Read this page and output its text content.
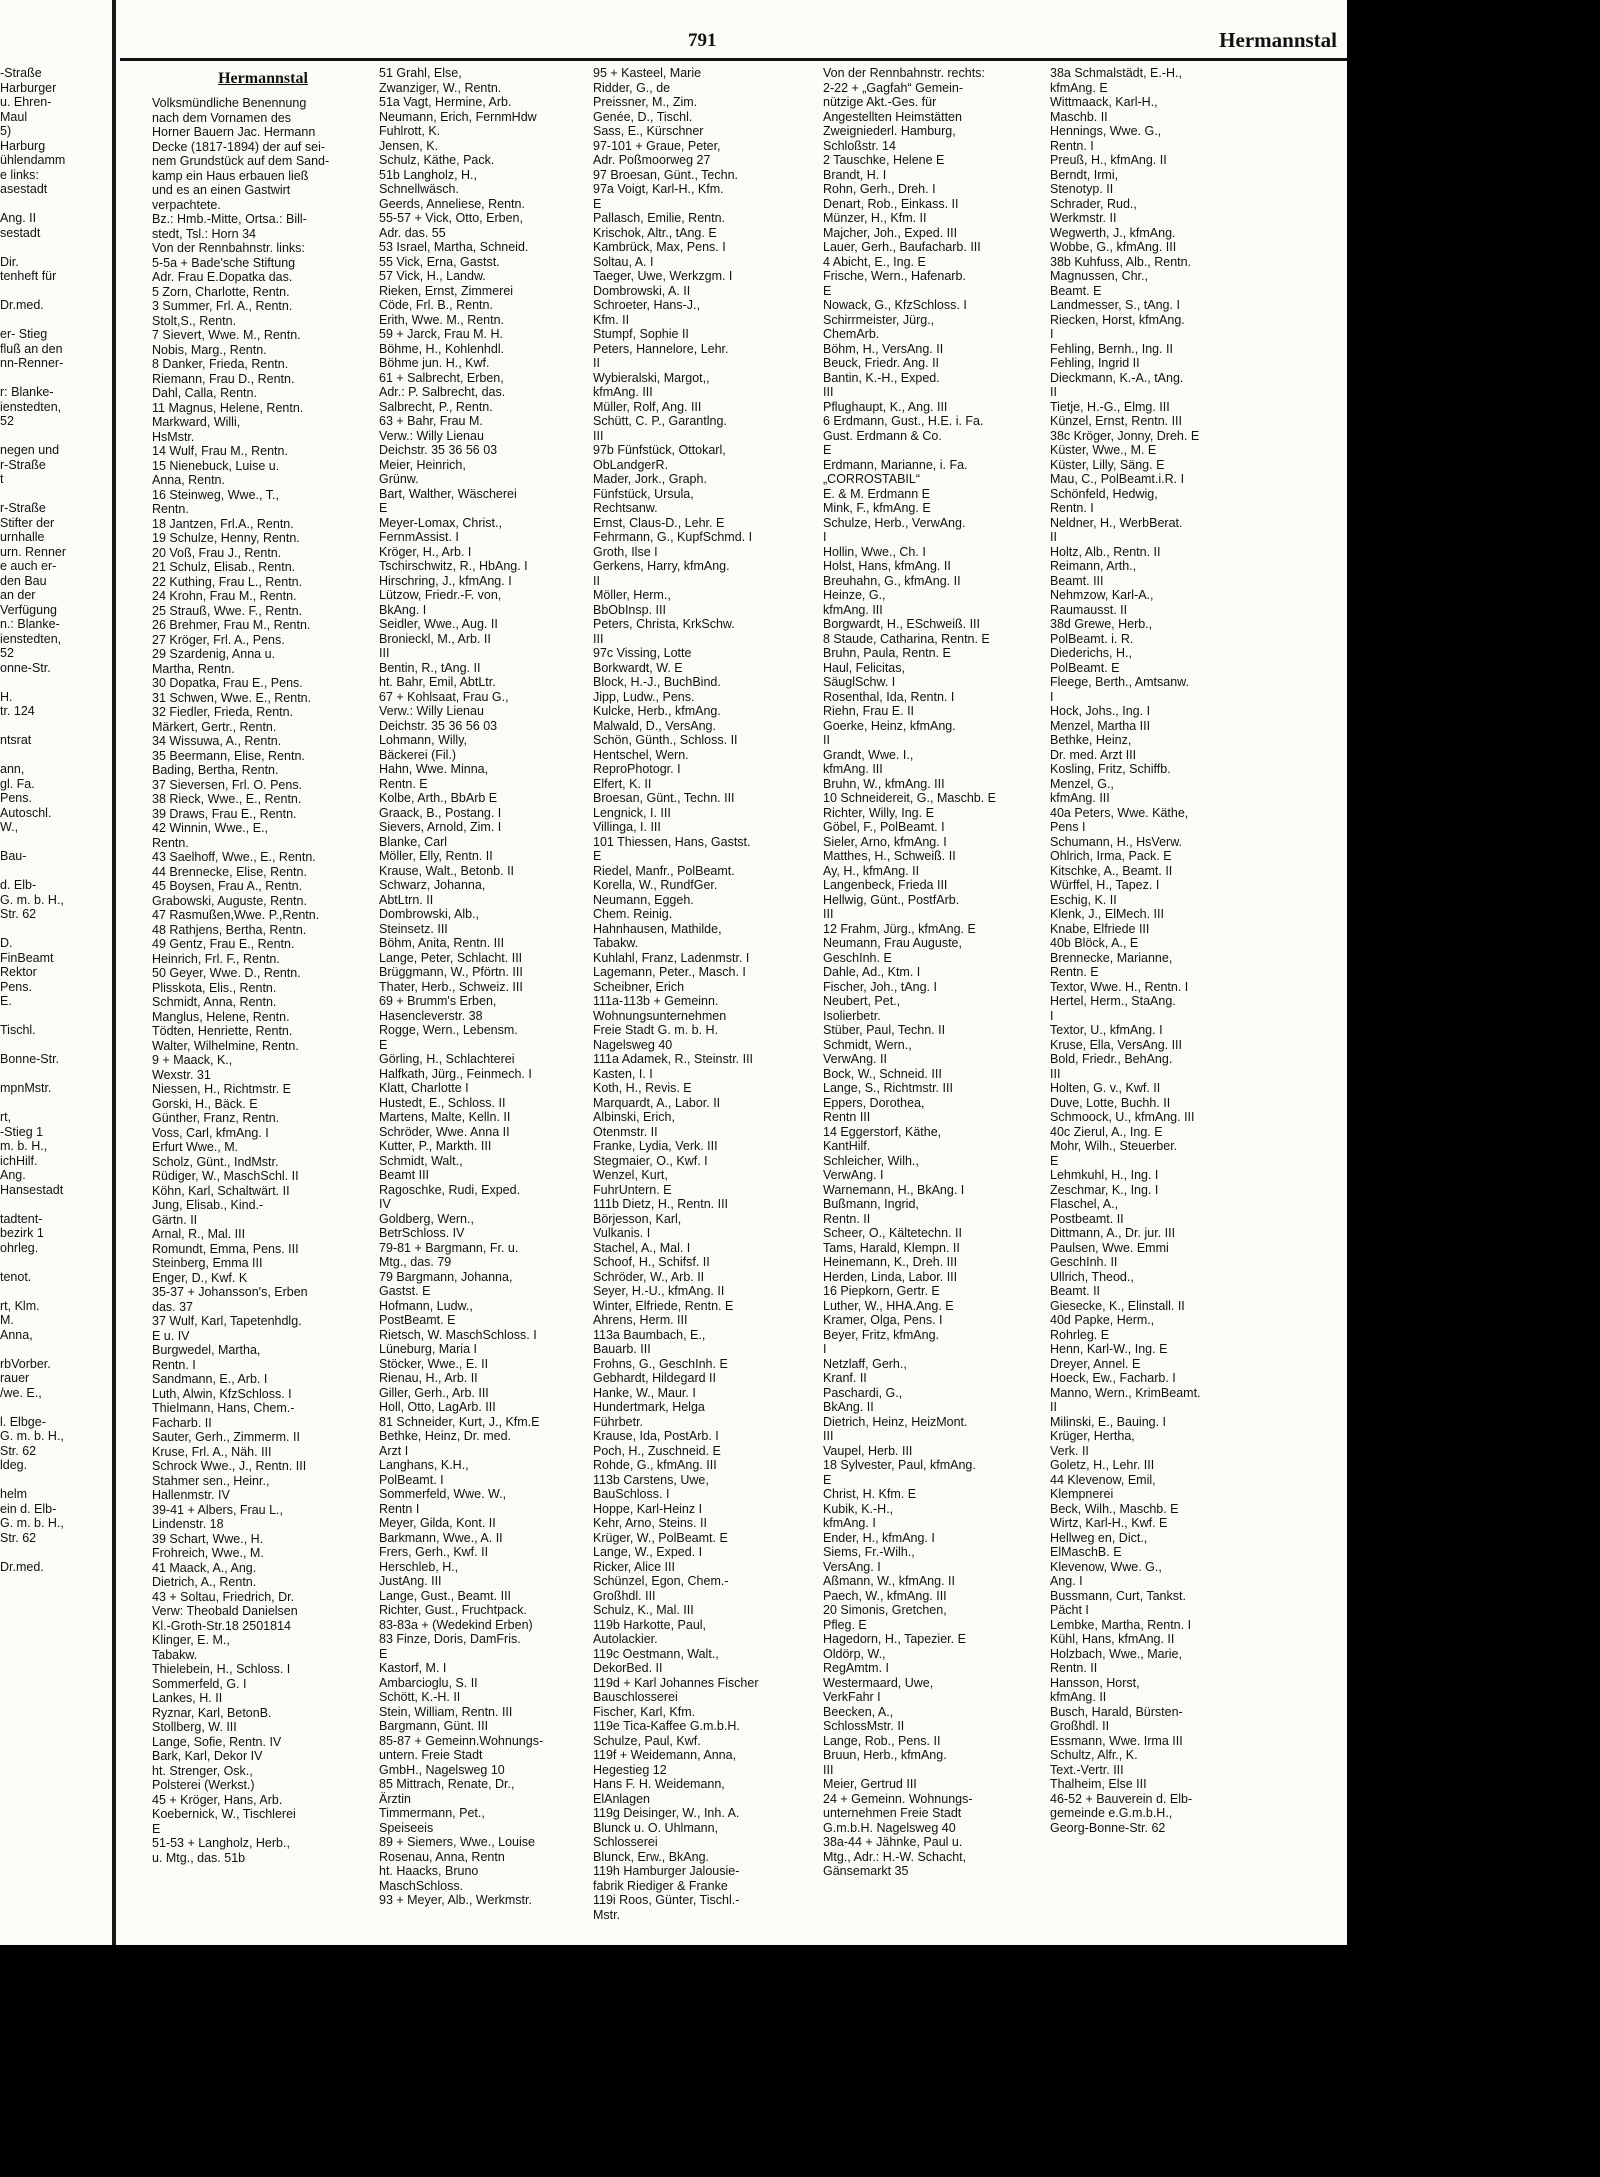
791	Hermannstal
-Straße
Harburger
u. Ehren-
Maul
5)
Harburg
ühlendamm
e links:
asestadt

Ang. II
sestadt

Dir.
tenheft für

Dr.med.

er- Stieg
fluß an den
nn-Renner-

r: Blanke-
ienstedten,
52

negen und
r-Straße
t

r-Straße
Stifter der
urnhalle
urn. Renner
e auch er-
den Bau
an der
Verfügung
n.: Blanke-
ienstedten,
52
onne-Str.

H.
tr. 124

ntsrat

ann,
gl. Fa.
Pens.
Autoschl.
W.,

Bau-

d. Elb-
G. m. b. H.,
Str. 62

D.
FinBeamt
Rektor
Pens.
E.

Tischl.

Bonne-Str.

mpnMstr.

rt,
-Stieg 1
m. b. H.,
ichHilf.
Ang.
Hansestadt

tadtent-
bezirk 1
ohrleg.

tenot.

rt, Klm.
M.
Anna,

rbVorber.
rauer
/we. E.,

l. Elbge-
G. m. b. H.,
Str. 62
ldeg.

helm
ein d. Elb-
G. m. b. H.,
Str. 62

Dr.med.
Hermannstal
Volksmündliche Benennung
nach dem Vornamen des
Horner Bauern Jac. Hermann
Decke (1817-1894) der auf sei-
nem Grundstück auf dem Sand-
kamp ein Haus erbauen ließ
und es an einen Gastwirt
verpachtete.
Bz.: Hmb.-Mitte, Ortsa.: Bill-
stedt, Tsl.: Horn 34
Von der Rennbahnstr. links:
5-5a + Bade'sche Stiftung
Adr. Frau E.Dopatka das.
5 Zorn, Charlotte, Rentn.
3 Summer, Frl. A., Rentn.
Stolt,S., Rentn.
7 Sievert, Wwe. M., Rentn.
Nobis, Marg., Rentn.
8 Danker, Frieda, Rentn.
Riemann, Frau D., Rentn.
Dahl, Calla, Rentn.
11 Magnus, Helene, Rentn.
Markward, Willi,
HsMstr.
14 Wulf, Frau M., Rentn.
15 Nienebuck, Luise u.
Anna, Rentn.
16 Steinweg, Wwe., T.,
Rentn.
18 Jantzen, Frl.A., Rentn.
19 Schulze, Henny, Rentn.
20 Voß, Frau J., Rentn.
21 Schulz, Elisab., Rentn.
22 Kuthing, Frau L., Rentn.
24 Krohn, Frau M., Rentn.
25 Strauß, Wwe. F., Rentn.
26 Brehmer, Frau M., Rentn.
27 Kröger, Frl. A., Pens.
29 Szardenig, Anna u.
Martha, Rentn.
30 Dopatka, Frau E., Pens.
31 Schwen, Wwe. E., Rentn.
32 Fiedler, Frieda, Rentn.
Märkert, Gertr., Rentn.
34 Wissuwa, A., Rentn.
35 Beermann, Elise, Rentn.
Bading, Bertha, Rentn.
37 Sieversen, Frl. O. Pens.
38 Rieck, Wwe., E., Rentn.
39 Draws, Frau E., Rentn.
42 Winnin, Wwe., E.,
Rentn.
43 Saelhoff, Wwe., E., Rentn.
44 Brennecke, Elise, Rentn.
45 Boysen, Frau A., Rentn.
Grabowski, Auguste, Rentn.
47 Rasmußen,Wwe. P.,Rentn.
48 Rathjens, Bertha, Rentn.
49 Gentz, Frau E., Rentn.
Heinrich, Frl. F., Rentn.
50 Geyer, Wwe. D., Rentn.
Plisskota, Elis., Rentn.
Schmidt, Anna, Rentn.
Manglus, Helene, Rentn.
Tödten, Henriette, Rentn.
Walter, Wilhelmine, Rentn.
9 + Maack, K.,
Wexstr. 31
Niessen, H., Richtmstr. E
Gorski, H., Bäck. E
Günther, Franz, Rentn.
Voss, Carl, kfmAng. I
Erfurt Wwe., M.
Scholz, Günt., IndMstr.
Rüdiger, W., MaschSchl. II
Köhn, Karl, Schaltwärt. II
Jung, Elisab., Kind.-
Gärtn. II
Arnal, R., Mal. III
Romundt, Emma, Pens. III
Steinberg, Emma III
Enger, D., Kwf. K
35-37 + Johansson's, Erben
das. 37
37 Wulf, Karl, Tapetenhdlg.
E u. IV
Burgwedel, Martha,
Rentn. I
Sandmann, E., Arb. I
Luth, Alwin, KfzSchloss. I
Thielmann, Hans, Chem.-
Facharb. II
Sauter, Gerh., Zimmerm. II
Kruse, Frl. A., Näh. III
Schrock Wwe., J., Rentn. III
Stahmer sen., Heinr.,
Hallenmstr. IV
39-41 + Albers, Frau L.,
Lindenstr. 18
39 Schart, Wwe., H.
Frohreich, Wwe., M.
41 Maack, A., Ang.
Dietrich, A., Rentn.
43 + Soltau, Friedrich, Dr.
Verw: Theobald Danielsen
Kl.-Groth-Str.18 2501814
Klinger, E. M.,
Tabakw.
Thielebein, H., Schloss. I
Sommerfeld, G. I
Lankes, H. II
Ryznar, Karl, BetonB.
Stollberg, W. III
Lange, Sofie, Rentn. IV
Bark, Karl, Dekor IV
ht. Strenger, Osk.,
Polsterei (Werkst.)
45 + Kröger, Hans, Arb.
Koebernick, W., Tischlerei
E
51-53 + Langholz, Herb.,
u. Mtg., das. 51b
51 Grahl, Else,
Zwanziger, W., Rentn.
51a Vagt, Hermine, Arb.
Neumann, Erich, FernmHdw
Fuhlrott, K.
Jensen, K.
Schulz, Käthe, Pack.
51b Langholz, H.,
Schnellwäsch.
Geerds, Anneliese, Rentn.
55-57 + Vick, Otto, Erben,
Adr. das. 55
53 Israel, Martha, Schneid.
55 Vick, Erna, Gastst.
57 Vick, H., Landw.
Rieken, Ernst, Zimmerei
Cöde, Frl. B., Rentn.
Erith, Wwe. M., Rentn.
59 + Jarck, Frau M. H.
Böhme, H., Kohlenhdl.
Böhme jun. H., Kwf.
61 + Salbrecht, Erben,
Adr.: P. Salbrecht, das.
Salbrecht, P., Rentn.
63 + Bahr, Frau M.
Verw.: Willy Lienau
Deichstr. 35 36 56 03
Meier, Heinrich,
Grünw.
Bart, Walther, Wäscherei
E
Meyer-Lomax, Christ.,
FernmAssist. I
Kröger, H., Arb. I
Tschirschwitz, R., HbAng. I
Hirschring, J., kfmAng. I
Lützow, Friedr.-F. von,
BkAng. I
Seidler, Wwe., Aug. II
Bronieckl, M., Arb. II
III
Bentin, R., tAng. II
ht. Bahr, Emil, AbtLtr.
67 + Kohlsaat, Frau G.,
Verw.: Willy Lienau
Deichstr. 35 36 56 03
Lohmann, Willy,
Bäckerei (Fil.)
Hahn, Wwe. Minna,
Rentn. E
Kolbe, Arth., BbArb E
Graack, B., Postang. I
Sievers, Arnold, Zim. I
Blanke, Carl
Möller, Elly, Rentn. II
Krause, Walt., Betonb. II
Schwarz, Johanna,
AbtLtrn. II
Dombrowski, Alb.,
Steinsetz. III
Böhm, Anita, Rentn. III
Lange, Peter, Schlacht. III
Brüggmann, W., Pförtn. III
Thater, Herb., Schweiz. III
69 + Brumm's Erben,
Hasencleverstr. 38
Rogge, Wern., Lebensm.
E
Görling, H., Schlachterei
Halfkath, Jürg., Feinmech. I
Klatt, Charlotte I
Hustedt, E., Schloss. II
Martens, Malte, Kelln. II
Schröder, Wwe. Anna II
Kutter, P., Markth. III
Schmidt, Walt.,
Beamt III
Ragoschke, Rudi, Exped.
IV
Goldberg, Wern.,
BetrSchloss. IV
79-81 + Bargmann, Fr. u.
Mtg., das. 79
79 Bargmann, Johanna,
Gastst. E
Hofmann, Ludw.,
PostBeamt. E
Rietsch, W. MaschSchloss. I
Lüneburg, Maria I
Stöcker, Wwe., E. II
Rienau, H., Arb. II
Giller, Gerh., Arb. III
Holl, Otto, LagArb. III
81 Schneider, Kurt, J., Kfm.E
Bethke, Heinz, Dr. med.
Arzt I
Langhans, K.H.,
PolBeamt. I
Sommerfeld, Wwe. W.,
Rentn I
Meyer, Gilda, Kont. II
Barkmann, Wwe., A. II
Frers, Gerh., Kwf. II
Herschleb, H.,
JustAng. III
Lange, Gust., Beamt. III
Richter, Gust., Fruchtpack.
83-83a + (Wedekind Erben)
83 Finze, Doris, DamFris.
E
Kastorf, M. I
Ambarcioglu, S. II
Schött, K.-H. II
Stein, William, Rentn. III
Bargmann, Günt. III
85-87 + Gemeinn.Wohnungs-
untern. Freie Stadt
GmbH., Nagelsweg 10
85 Mittrach, Renate, Dr.,
Ärztin
Timmermann, Pet.,
Speiseeis
89 + Siemers, Wwe., Louise
Rosenau, Anna, Rentn
ht. Haacks, Bruno
MaschSchloss.
93 + Meyer, Alb., Werkmstr.
95 + Kasteel, Marie
Ridder, G., de
Preissner, M., Zim.
Genée, D., Tischl.
Sass, E., Kürschner
97-101 + Graue, Peter,
Adr. Poßmoorweg 27
97 Broesan, Günt., Techn.
97a Voigt, Karl-H., Kfm.
E
Pallasch, Emilie, Rentn.
Krischok, Altr., tAng. E
Kambrück, Max, Pens. I
Soltau, A. I
Taeger, Uwe, Werkzgm. I
Dombrowski, A. II
Schroeter, Hans-J.,
Kfm. II
Stumpf, Sophie II
Peters, Hannelore, Lehr.
II
Wybieralski, Margot,,
kfmAng. III
Müller, Rolf, Ang. III
Schütt, C. P., Garantlng.
III
97b Fünfstück, Ottokarl,
ObLandgerR.
Mader, Jork., Graph.
Fünfstück, Ursula,
Rechtsanw.
Ernst, Claus-D., Lehr. E
Fehrmann, G., KupfSchmd. I
Groth, Ilse I
Gerkens, Harry, kfmAng.
II
Möller, Herm.,
BbObInsp. III
Peters, Christa, KrkSchw.
III
97c Vissing, Lotte
Borkwardt, W. E
Block, H.-J., BuchBind.
Jipp, Ludw., Pens.
Kulcke, Herb., kfmAng.
Malwald, D., VersAng.
Schön, Günth., Schloss. II
Hentschel, Wern.
ReproPhotogr. I
Elfert, K. II
Broesan, Günt., Techn. III
Lengnick, I. III
Villinga, I. III
101 Thiessen, Hans, Gastst.
E
Riedel, Manfr., PolBeamt.
Korella, W., RundfGer.
Neumann, Eggeh.
Chem. Reinig.
Hahnhausen, Mathilde,
Tabakw.
Kuhlahl, Franz, Ladenmstr. I
Lagemann, Peter., Masch. I
Scheibner, Erich
111a-113b + Gemeinn.
Wohnungsunternehmen
Freie Stadt G. m. b. H.
Nagelsweg 40
111a Adamek, R., Steinstr. III
Kasten, I. I
Koth, H., Revis. E
Marquardt, A., Labor. II
Albinski, Erich,
Otenmstr. II
Franke, Lydia, Verk. III
Stegmaier, O., Kwf. I
Wenzel, Kurt,
FuhrUntern. E
111b Dietz, H., Rentn. III
Börjesson, Karl,
Vulkanis. I
Stachel, A., Mal. I
Schoof, H., Schifsf. II
Schröder, W., Arb. II
Seyer, H.-U., kfmAng. II
Winter, Elfriede, Rentn. E
Ahrens, Herm. III
113a Baumbach, E.,
Bauarb. III
Frohns, G., GeschInh. E
Gebhardt, Hildegard II
Hanke, W., Maur. I
Hundertmark, Helga
Führbetr.
Krause, Ida, PostArb. I
Poch, H., Zuschneid. E
Rohde, G., kfmAng. III
113b Carstens, Uwe,
BauSchloss. I
Hoppe, Karl-Heinz I
Kehr, Arno, Steins. II
Krüger, W., PolBeamt. E
Lange, W., Exped. I
Ricker, Alice III
Schünzel, Egon, Chem.-
Großhdl. III
Schulz, K., Mal. III
119b Harkotte, Paul,
Autolackier.
119c Oestmann, Walt.,
DekorBed. II
119d + Karl Johannes Fischer
Bauschlosserei
Fischer, Karl, Kfm.
119e Tica-Kaffee G.m.b.H.
Schulze, Paul, Kwf.
119f + Weidemann, Anna,
Hegestieg 12
Hans F. H. Weidemann,
ElAnlagen
119g Deisinger, W., Inh. A.
Blunck u. O. Uhlmann,
Schlosserei
Blunck, Erw., BkAng.
119h Hamburger Jalousie-
fabrik Riediger & Franke
119i Roos, Günter, Tischl.-
Mstr.
Von der Rennbahnstr. rechts:
2-22 + „Gagfah“ Gemein-
nützige Akt.-Ges. für
Angestellten Heimstätten
Zweigniederl. Hamburg,
Schloßstr. 14
2 Tauschke, Helene E
Brandt, H. I
Rohn, Gerh., Dreh. I
Denart, Rob., Einkass. II
Münzer, H., Kfm. II
Majcher, Joh., Exped. III
Lauer, Gerh., Baufacharb. III
4 Abicht, E., Ing. E
Frische, Wern., Hafenarb.
E
Nowack, G., KfzSchloss. I
Schirrmeister, Jürg.,
ChemArb.
Böhm, H., VersAng. II
Beuck, Friedr. Ang. II
Bantin, K.-H., Exped.
III
Pflughaupt, K., Ang. III
6 Erdmann, Gust., H.E. i. Fa.
Gust. Erdmann & Co.
E
Erdmann, Marianne, i. Fa.
„CORROSTABIL“
E. & M. Erdmann E
Mink, F., kfmAng. E
Schulze, Herb., VerwAng.
I
Hollin, Wwe., Ch. I
Holst, Hans, kfmAng. II
Breuhahn, G., kfmAng. II
Heinze, G.,
kfmAng. III
Borgwardt, H., ESchweiß. III
8 Staude, Catharina, Rentn. E
Bruhn, Paula, Rentn. E
Haul, Felicitas,
SäuglSchw. I
Rosenthal, Ida, Rentn. I
Riehn, Frau E. II
Goerke, Heinz, kfmAng.
II
Grandt, Wwe. I.,
kfmAng. III
Bruhn, W., kfmAng. III
10 Schneidereit, G., Maschb. E
Richter, Willy, Ing. E
Göbel, F., PolBeamt. I
Sieler, Arno, kfmAng. I
Matthes, H., Schweiß. II
Ay, H., kfmAng. II
Langenbeck, Frieda III
Hellwig, Günt., PostfArb.
III
12 Frahm, Jürg., kfmAng. E
Neumann, Frau Auguste,
GeschInh. E
Dahle, Ad., Ktm. I
Fischer, Joh., tAng. I
Neubert, Pet.,
Isolierbetr.
Stüber, Paul, Techn. II
Schmidt, Wern.,
VerwAng. II
Bock, W., Schneid. III
Lange, S., Richtmstr. III
Eppers, Dorothea,
Rentn III
14 Eggerstorf, Käthe,
KantHilf.
Schleicher, Wilh.,
VerwAng. I
Warnemann, H., BkAng. I
Bußmann, Ingrid,
Rentn. II
Scheer, O., Kältetechn. II
Tams, Harald, Klempn. II
Heinemann, K., Dreh. III
Herden, Linda, Labor. III
16 Piepkorn, Gertr. E
Luther, W., HHA.Ang. E
Kramer, Olga, Pens. I
Beyer, Fritz, kfmAng.
I
Netzlaff, Gerh.,
Kranf. II
Paschardi, G.,
BkAng. II
Dietrich, Heinz, HeizMont.
III
Vaupel, Herb. III
18 Sylvester, Paul, kfmAng.
E
Christ, H. Kfm. E
Kubik, K.-H.,
kfmAng. I
Ender, H., kfmAng. I
Siems, Fr.-Wilh.,
VersAng. I
Aßmann, W., kfmAng. II
Paech, W., kfmAng. III
20 Simonis, Gretchen,
Pfleg. E
Hagedorn, H., Tapezier. E
Oldörp, W.,
RegAmtm. I
Westermaard, Uwe,
VerkFahr I
Beecken, A.,
SchlossMstr. II
Lange, Rob., Pens. II
Bruun, Herb., kfmAng.
III
Meier, Gertrud III
24 + Gemeinn. Wohnungs-
unternehmen Freie Stadt
G.m.b.H. Nagelsweg 40
38a-44 + Jähnke, Paul u.
Mtg., Adr.: H.-W. Schacht,
Gänsemarkt 35
38a Schmalstädt, E.-H.,
kfmAng. E
Wittmaack, Karl-H.,
Maschb. II
Hennings, Wwe. G.,
Rentn. I
Preuß, H., kfmAng. II
Berndt, Irmi,
Stenotyp. II
Schrader, Rud.,
Werkmstr. II
Wegwerth, J., kfmAng.
Wobbe, G., kfmAng. III
38b Kuhfuss, Alb., Rentn.
Magnussen, Chr.,
Beamt. E
Landmesser, S., tAng. I
Riecken, Horst, kfmAng.
I
Fehling, Bernh., Ing. II
Fehling, Ingrid II
Dieckmann, K.-A., tAng.
II
Tietje, H.-G., Elmg. III
Künzel, Ernst, Rentn. III
38c Kröger, Jonny, Dreh. E
Küster, Wwe., M. E
Küster, Lilly, Säng. E
Mau, C., PolBeamt.i.R. I
Schönfeld, Hedwig,
Rentn. I
Neldner, H., WerbBerat.
II
Holtz, Alb., Rentn. II
Reimann, Arth.,
Beamt. III
Nehmzow, Karl-A.,
Raumausst. II
38d Grewe, Herb.,
PolBeamt. i. R.
Diederichs, H.,
PolBeamt. E
Fleege, Berth., Amtsanw.
I
Hock, Johs., Ing. I
Menzel, Martha III
Bethke, Heinz,
Dr. med. Arzt III
Kosling, Fritz, Schiffb.
Menzel, G.,
kfmAng. III
40a Peters, Wwe. Käthe,
Pens I
Schumann, H., HsVerw.
Ohlrich, Irma, Pack. E
Kitschke, A., Beamt. II
Würffel, H., Tapez. I
Eschig, K. II
Klenk, J., ElMech. III
Knabe, Elfriede III
40b Blöck, A., E
Brennecke, Marianne,
Rentn. E
Textor, Wwe. H., Rentn. I
Hertel, Herm., StaAng.
I
Textor, U., kfmAng. I
Kruse, Ella, VersAng. III
Bold, Friedr., BehAng.
III
Holten, G. v., Kwf. II
Duve, Lotte, Buchh. II
Schmoock, U., kfmAng. III
40c Zierul, A., Ing. E
Mohr, Wilh., Steuerber.
E
Lehmkuhl, H., Ing. I
Zeschmar, K., Ing. I
Flaschel, A.,
Postbeamt. II
Dittmann, A., Dr. jur. III
Paulsen, Wwe. Emmi
GeschInh. II
Ullrich, Theod.,
Beamt. II
Giesecke, K., Elinstall. II
40d Papke, Herm.,
Rohrleg. E
Henn, Karl-W., Ing. E
Dreyer, Annel. E
Hoeck, Ew., Facharb. I
Manno, Wern., KrimBeamt.
II
Milinski, E., Bauing. I
Krüger, Hertha,
Verk. II
Goletz, H., Lehr. III
44 Klevenow, Emil,
Klempnerei
Beck, Wilh., Maschb. E
Wirtz, Karl-H., Kwf. E
Hellweg en, Dict.,
ElMaschB. E
Klevenow, Wwe. G.,
Ang. I
Bussmann, Curt, Tankst.
Pächt I
Lembke, Martha, Rentn. I
Kühl, Hans, kfmAng. II
Holzbach, Wwe., Marie,
Rentn. II
Hansson, Horst,
kfmAng. II
Busch, Harald, Bürsten-
Großhdl. II
Essmann, Wwe. Irma III
Schultz, Alfr., K.
Text.-Vertr. III
Thalheim, Else III
46-52 + Bauverein d. Elb-
gemeinde e.G.m.b.H.,
Georg-Bonne-Str. 62
